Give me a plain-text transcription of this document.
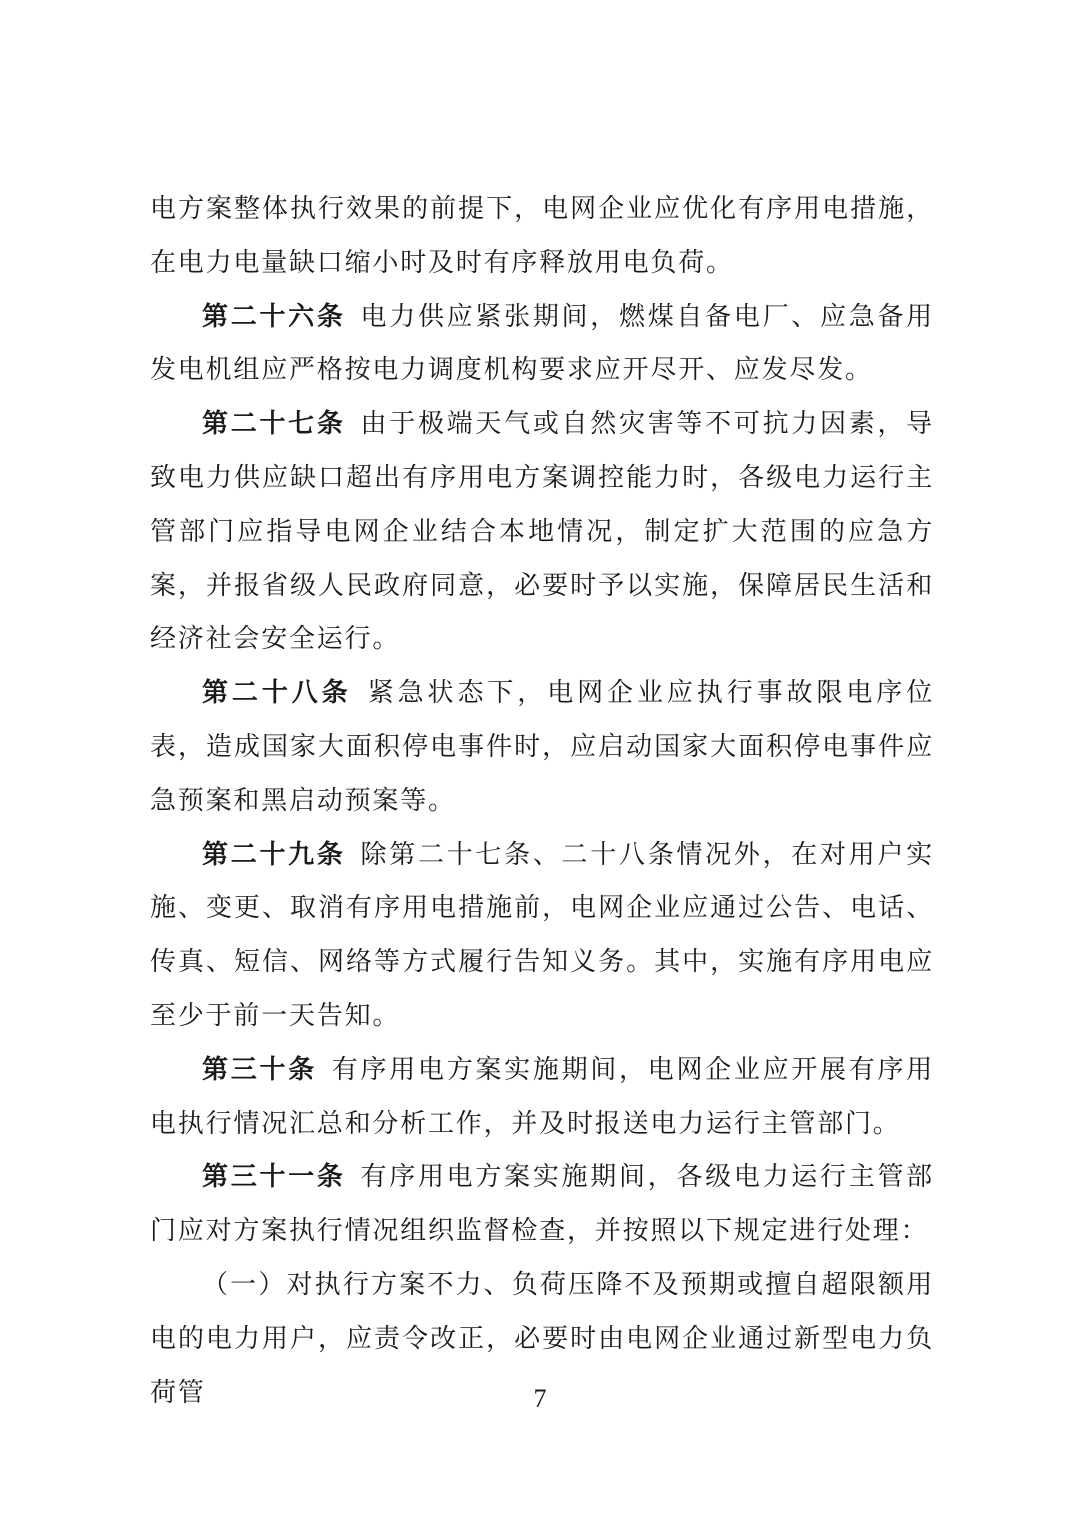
电方案整体执行效果的前提下，电网企业应优化有序用电措施，在电力电量缺口缩小时及时有序释放用电负荷。

第二十六条 电力供应紧张期间，燃煤自备电厂、应急备用发电机组应严格按电力调度机构要求应开尽开、应发尽发。

第二十七条 由于极端天气或自然灾害等不可抗力因素，导致电力供应缺口超出有序用电方案调控能力时，各级电力运行主管部门应指导电网企业结合本地情况，制定扩大范围的应急方案，并报省级人民政府同意，必要时予以实施，保障居民生活和经济社会安全运行。

第二十八条 紧急状态下，电网企业应执行事故限电序位表，造成国家大面积停电事件时，应启动国家大面积停电事件应急预案和黑启动预案等。

第二十九条 除第二十七条、二十八条情况外，在对用户实施、变更、取消有序用电措施前，电网企业应通过公告、电话、传真、短信、网络等方式履行告知义务。其中，实施有序用电应至少于前一天告知。

第三十条 有序用电方案实施期间，电网企业应开展有序用电执行情况汇总和分析工作，并及时报送电力运行主管部门。

第三十一条 有序用电方案实施期间，各级电力运行主管部门应对方案执行情况组织监督检查，并按照以下规定进行处理：

（一）对执行方案不力、负荷压降不及预期或擅自超限额用电的电力用户，应责令改正，必要时由电网企业通过新型电力负荷管	7
